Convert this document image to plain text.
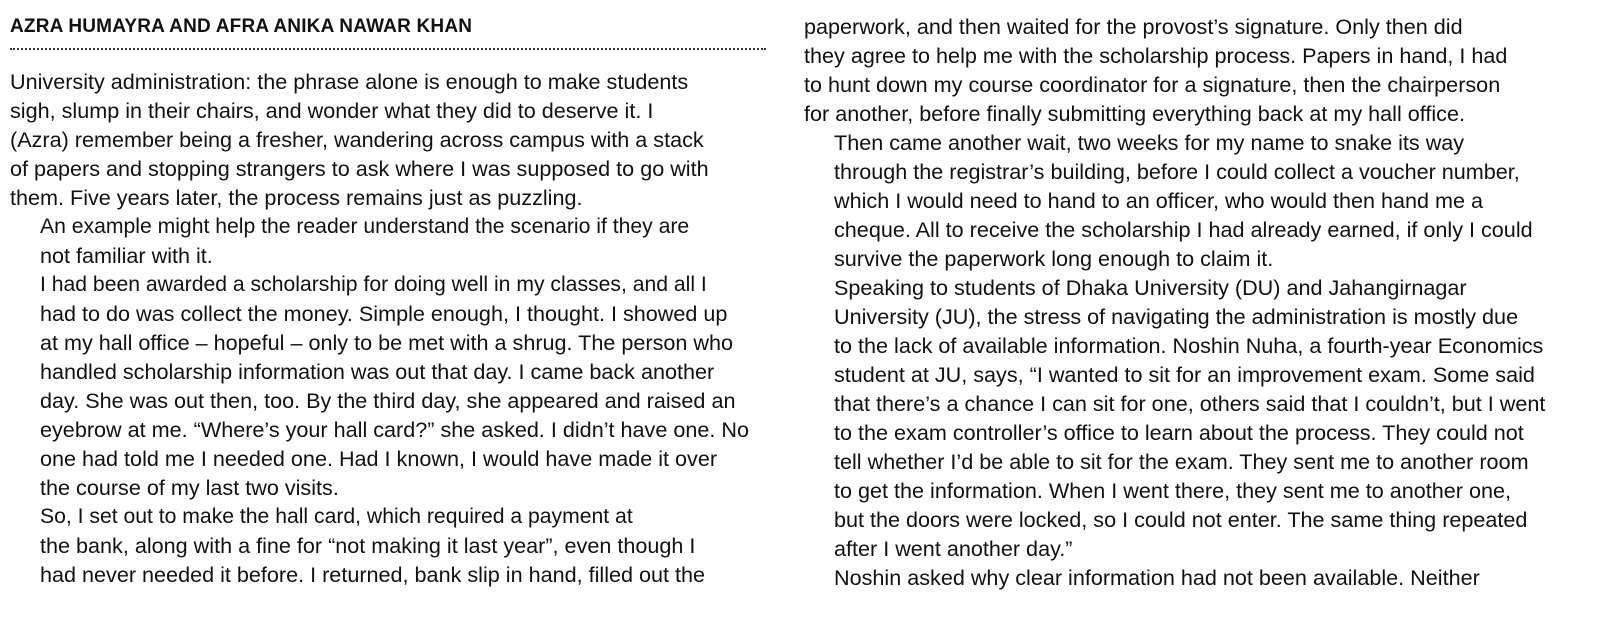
AZRA HUMAYRA AND AFRA ANIKA NAWAR KHAN

University administration: the phrase alone is enough to make students
sigh, slump in their chairs, and wonder what they did to deserve it. I
(Azra) remember being a fresher, wandering across campus with a stack
of papers and stopping strangers to ask where I was supposed to go with
them. Five years later, the process remains just as puzzling.

An example might help the reader understand the scenario if they are
not familiar with it.

I had been awarded a scholarship for doing well in my classes, and all I
had to do was collect the money. Simple enough, I thought. I showed up
at my hall office – hopeful – only to be met with a shrug. The person who
handled scholarship information was out that day. I came back another
day. She was out then, too. By the third day, she appeared and raised an
eyebrow at me. “Where’s your hall card?” she asked. I didn’t have one. No
one had told me I needed one. Had I known, I would have made it over
the course of my last two visits.

So, I set out to make the hall card, which required a payment at
the bank, along with a fine for “not making it last year”, even though I
had never needed it before. I returned, bank slip in hand, filled out the

paperwork, and then waited for the provost’s signature. Only then did
they agree to help me with the scholarship process. Papers in hand, I had
to hunt down my course coordinator for a signature, then the chairperson
for another, before finally submitting everything back at my hall office.

Then came another wait, two weeks for my name to snake its way
through the registrar’s building, before I could collect a voucher number,
which I would need to hand to an officer, who would then hand me a
cheque. All to receive the scholarship I had already earned, if only I could
survive the paperwork long enough to claim it.

Speaking to students of Dhaka University (DU) and Jahangirnagar
University (JU), the stress of navigating the administration is mostly due
to the lack of available information. Noshin Nuha, a fourth-year Economics
student at JU, says, “I wanted to sit for an improvement exam. Some said
that there’s a chance I can sit for one, others said that I couldn’t, but I went
to the exam controller’s office to learn about the process. They could not
tell whether I’d be able to sit for the exam. They sent me to another room
to get the information. When I went there, they sent me to another one,
but the doors were locked, so I could not enter. The same thing repeated
after I went another day.”

Noshin asked why clear information had not been available. Neither
